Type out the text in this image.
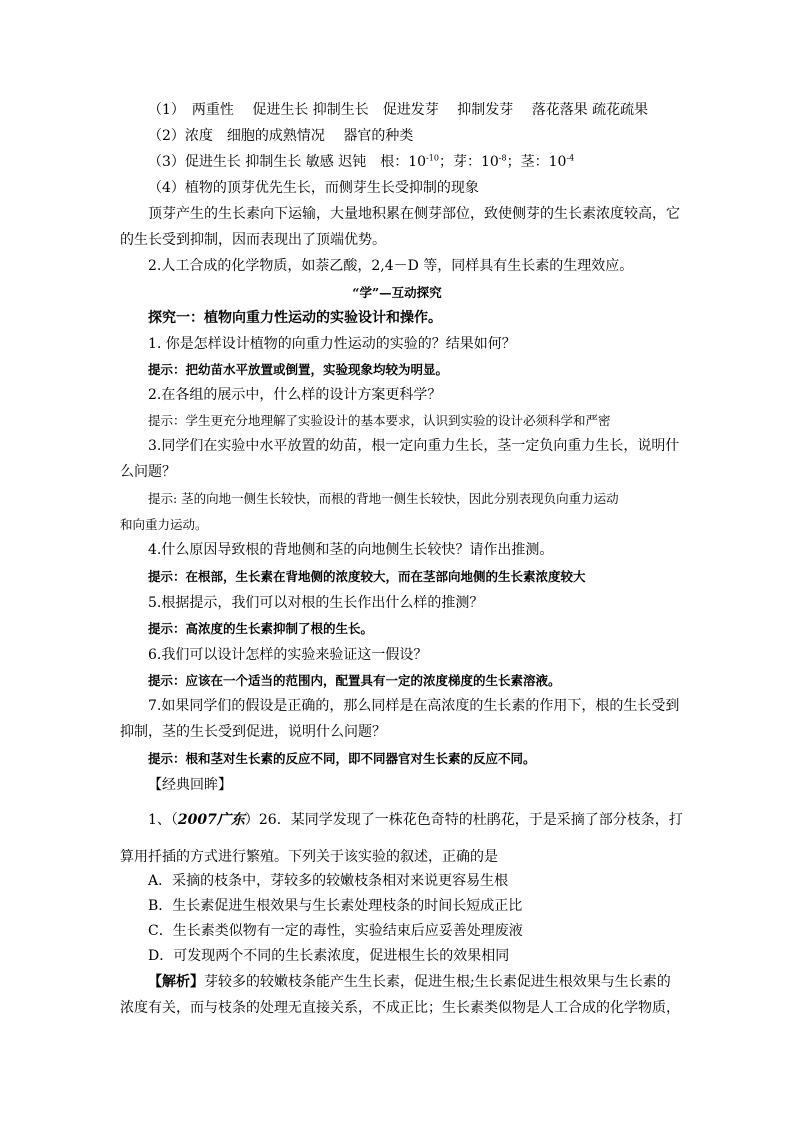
（1）　两重性　 促进生长 抑制生长　促进发芽　 抑制发芽　 落花落果 疏花疏果
（2）浓度　细胞的成熟情况　 器官的种类
（3）促进生长 抑制生长 敏感 迟钝　根：$10^{-10}$；芽：$10^{-8}$；茎：$10^{-4}$
（4）植物的顶芽优先生长，而侧芽生长受抑制的现象
顶芽产生的生长素向下运输，大量地积累在侧芽部位，致使侧芽的生长素浓度较高，它
的生长受到抑制，因而表现出了顶端优势。
2.人工合成的化学物质，如萘乙酸，2,4－D 等，同样具有生长素的生理效应。
“学”—互动探究
探究一：植物向重力性运动的实验设计和操作。
1. 你是怎样设计植物的向重力性运动的实验的？结果如何？
提示：把幼苗水平放置或倒置，实验现象均较为明显。
2.在各组的展示中，什么样的设计方案更科学？
提示：学生更充分地理解了实验设计的基本要求，认识到实验的设计必须科学和严密
3.同学们在实验中水平放置的幼苗，根一定向重力生长，茎一定负向重力生长，说明什
么问题？
提示: 茎的向地一侧生长较快，而根的背地一侧生长较快，因此分别表现负向重力运动
和向重力运动。
4.什么原因导致根的背地侧和茎的向地侧生长较快？请作出推测。
提示：在根部，生长素在背地侧的浓度较大，而在茎部向地侧的生长素浓度较大
5.根据提示，我们可以对根的生长作出什么样的推测？
提示：高浓度的生长素抑制了根的生长。
6.我们可以设计怎样的实验来验证这一假设？
提示：应该在一个适当的范围内，配置具有一定的浓度梯度的生长素溶液。
7.如果同学们的假设是正确的，那么同样是在高浓度的生长素的作用下，根的生长受到
抑制，茎的生长受到促进，说明什么问题？
提示：根和茎对生长素的反应不同，即不同器官对生长素的反应不同。
【经典回眸】
1、（2007广东）26．某同学发现了一株花色奇特的杜鹃花，于是采摘了部分枝条，打
算用扦插的方式进行繁殖。下列关于该实验的叙述，正确的是
A．采摘的枝条中，芽较多的较嫩枝条相对来说更容易生根
B．生长素促进生根效果与生长素处理枝条的时间长短成正比
C．生长素类似物有一定的毒性，实验结束后应妥善处理废液
D．可发现两个不同的生长素浓度，促进根生长的效果相同
【解析】芽较多的较嫩枝条能产生生长素，促进生根;生长素促进生根效果与生长素的
浓度有关，而与枝条的处理无直接关系，不成正比；生长素类似物是人工合成的化学物质，
